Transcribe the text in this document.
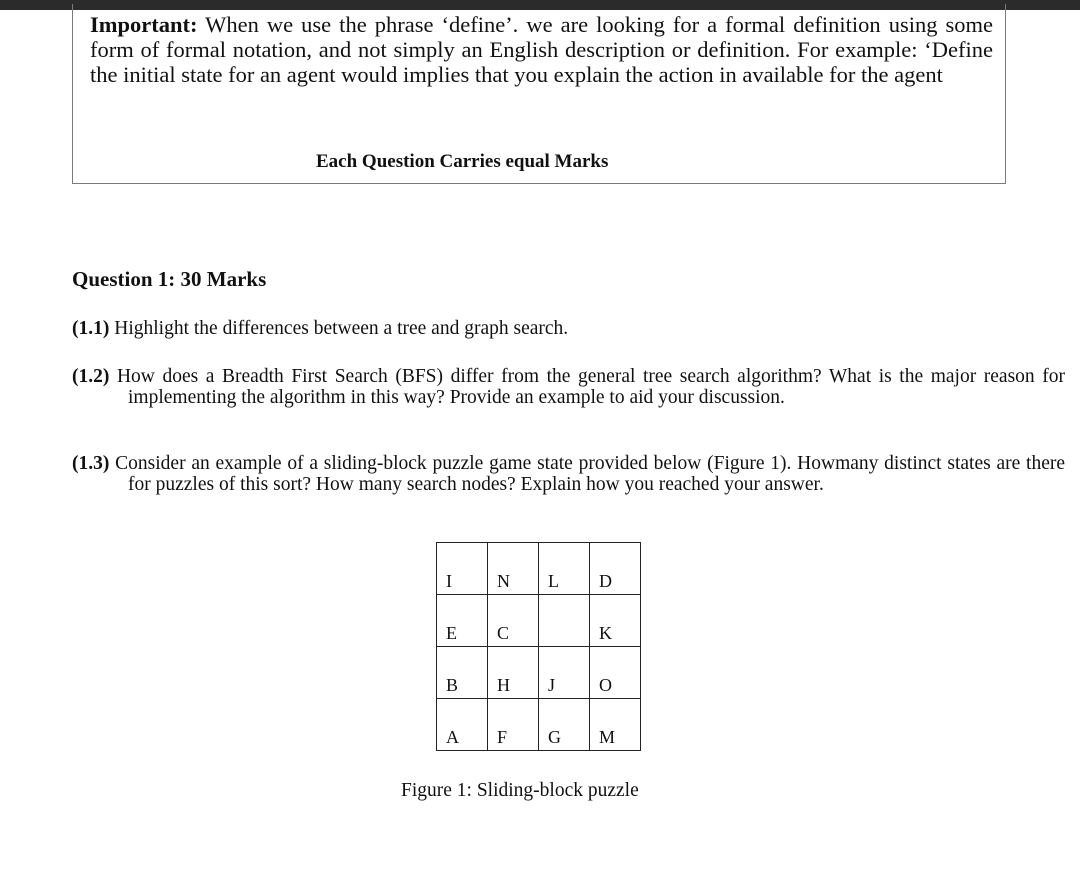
Important: When we use the phrase ‘define’. we are looking for a formal definition using some form of formal notation, and not simply an English description or definition. For example: ‘Define the initial state for an agent would implies that you explain the action in available for the agent

Each Question Carries equal Marks

Question 1: 30 Marks

(1.1) Highlight the differences between a tree and graph search.

(1.2) How does a Breadth First Search (BFS) differ from the general tree search algorithm? What is the major reason for implementing the algorithm in this way? Provide an example to aid your discussion.

(1.3) Consider an example of a sliding-block puzzle game state provided below (Figure 1). Howmany distinct states are there for puzzles of this sort? How many search nodes? Explain how you reached your answer.

I	N	L	D

E	C		K

B	H	J	O

A	F	G	M

Figure 1: Sliding-block puzzle
